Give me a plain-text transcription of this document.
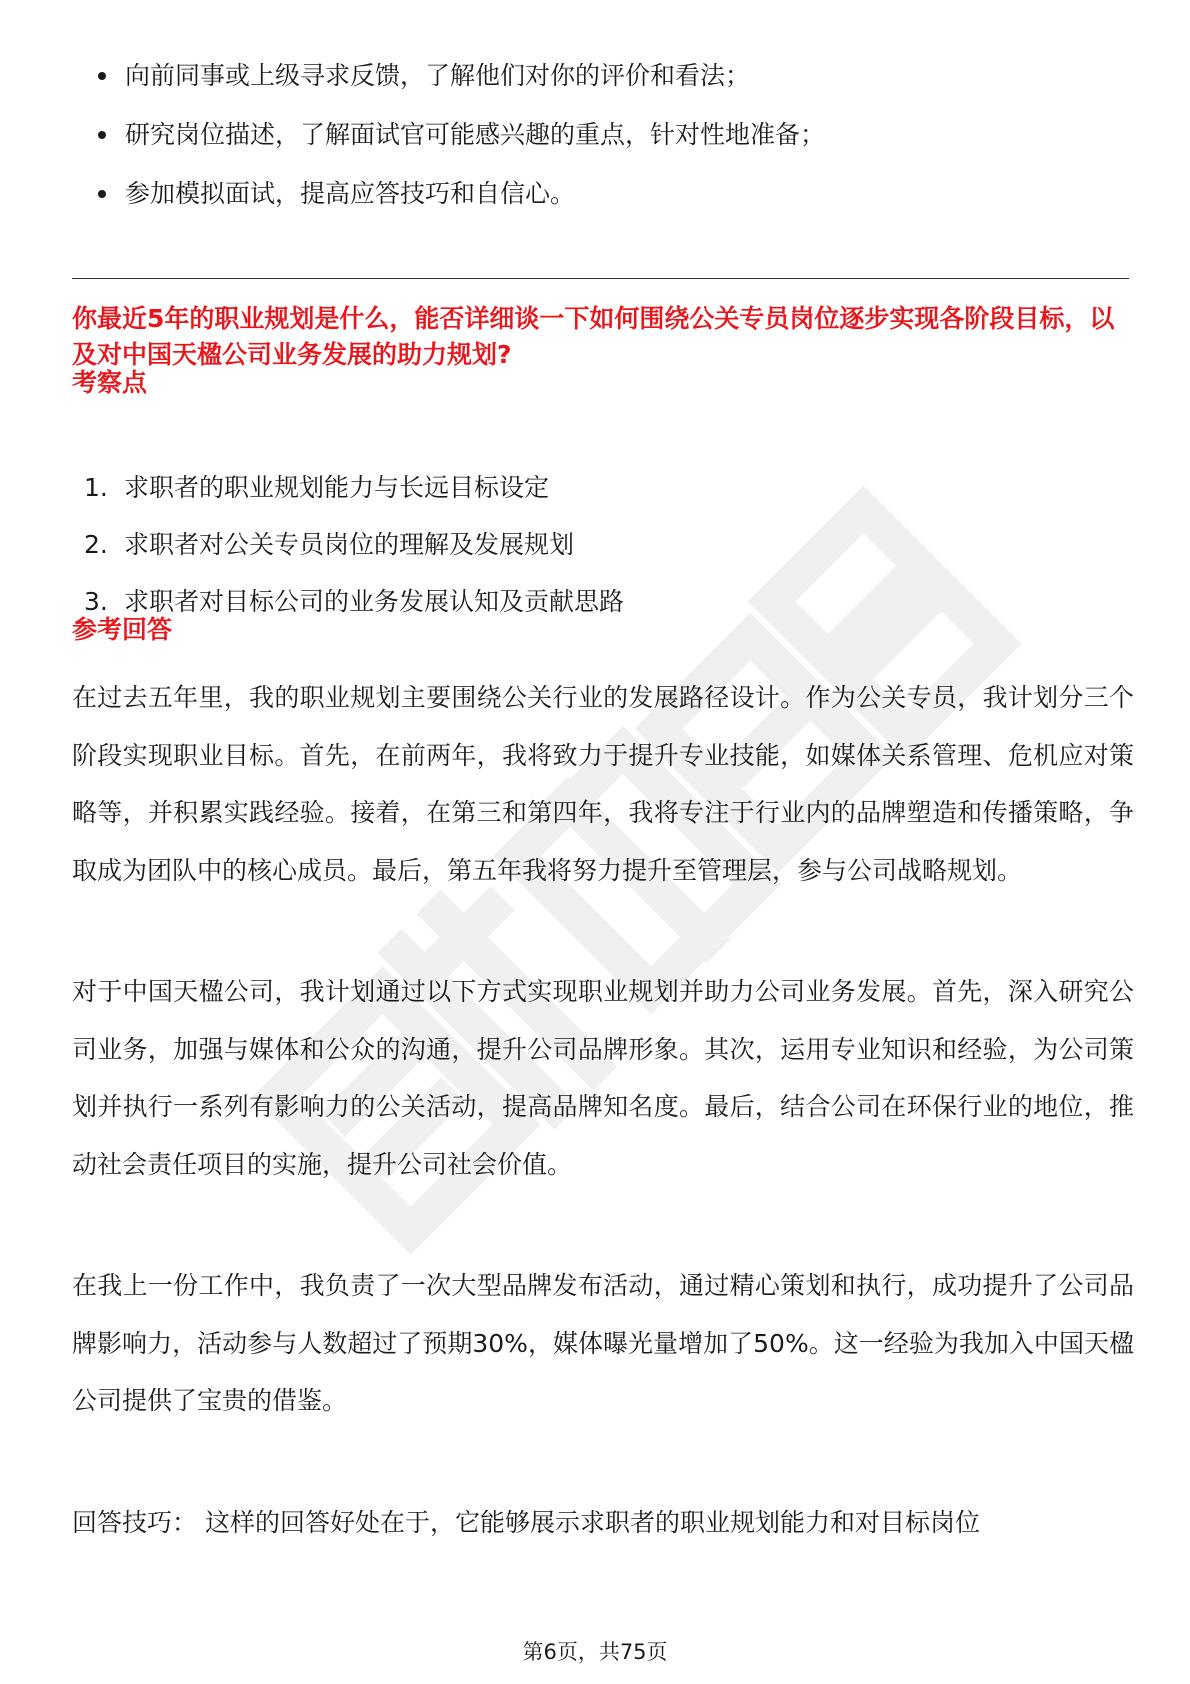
向前同事或上级寻求反馈，了解他们对你的评价和看法；
研究岗位描述，了解面试官可能感兴趣的重点，针对性地准备；
参加模拟面试，提高应答技巧和自信心。

你最近5年的职业规划是什么，能否详细谈一下如何围绕公关专员岗位逐步实现各阶段目标，以及对中国天楹公司业务发展的助力规划?

考察点
1. 求职者的职业规划能力与长远目标设定
2. 求职者对公关专员岗位的理解及发展规划
3. 求职者对目标公司的业务发展认知及贡献思路
参考回答

在过去五年里，我的职业规划主要围绕公关行业的发展路径设计。作为公关专员，我计划分三个阶段实现职业目标。首先，在前两年，我将致力于提升专业技能，如媒体关系管理、危机应对策略等，并积累实践经验。接着，在第三和第四年，我将专注于行业内的品牌塑造和传播策略，争取成为团队中的核心成员。最后，第五年我将努力提升至管理层，参与公司战略规划。

对于中国天楹公司，我计划通过以下方式实现职业规划并助力公司业务发展。首先，深入研究公司业务，加强与媒体和公众的沟通，提升公司品牌形象。其次，运用专业知识和经验，为公司策划并执行一系列有影响力的公关活动，提高品牌知名度。最后，结合公司在环保行业的地位，推动社会责任项目的实施，提升公司社会价值。

在我上一份工作中，我负责了一次大型品牌发布活动，通过精心策划和执行，成功提升了公司品牌影响力，活动参与人数超过了预期30%，媒体曝光量增加了50%。这一经验为我加入中国天楹公司提供了宝贵的借鉴。

回答技巧： 这样的回答好处在于，它能够展示求职者的职业规划能力和对目标岗位

第6页，共75页
